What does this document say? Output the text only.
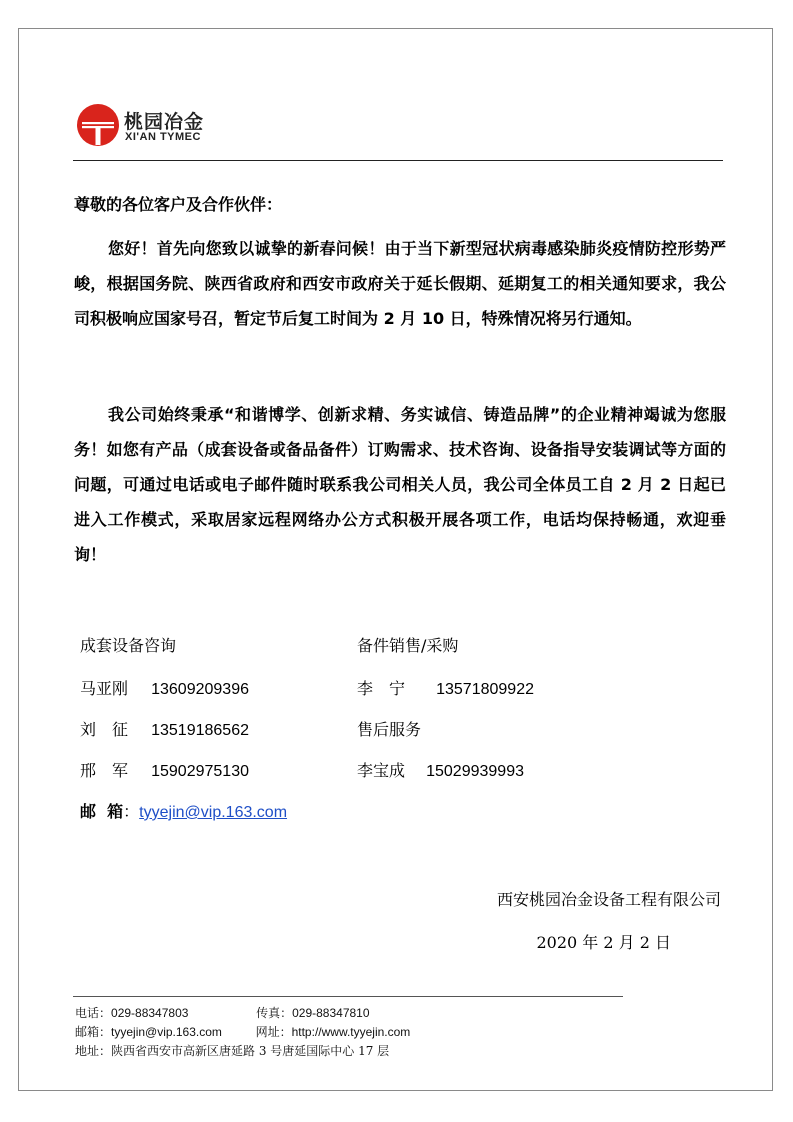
桃园冶金
XI'AN TYMEC
尊敬的各位客户及合作伙伴：

您好！首先向您致以诚挚的新春问候！由于当下新型冠状病毒感染肺炎疫情防控形势严峻，根据国务院、陕西省政府和西安市政府关于延长假期、延期复工的相关通知要求，我公司积极响应国家号召，暂定节后复工时间为 2 月 10 日，特殊情况将另行通知。

我公司始终秉承“和谐博学、创新求精、务实诚信、铸造品牌”的企业精神竭诚为您服务！如您有产品（成套设备或备品备件）订购需求、技术咨询、设备指导安装调试等方面的问题，可通过电话或电子邮件随时联系我公司相关人员，我公司全体员工自 2 月 2 日起已进入工作模式，采取居家远程网络办公方式积极开展各项工作，电话均保持畅通，欢迎垂询！

成套设备咨询
马亚刚 13609209396
刘　征 13519186562
邢　军 15902975130
备件销售/采购
李　宁 13571809922
售后服务
李宝成 15029939993
邮  箱：tyyejin@vip.163.com
西安桃园冶金设备工程有限公司
2020 年 2 月 2 日
电话：029-88347803	传真：029-88347810
邮箱：tyyejin@vip.163.com	网址：http://www.tyyejin.com
地址：陕西省西安市高新区唐延路 3 号唐延国际中心 17 层
